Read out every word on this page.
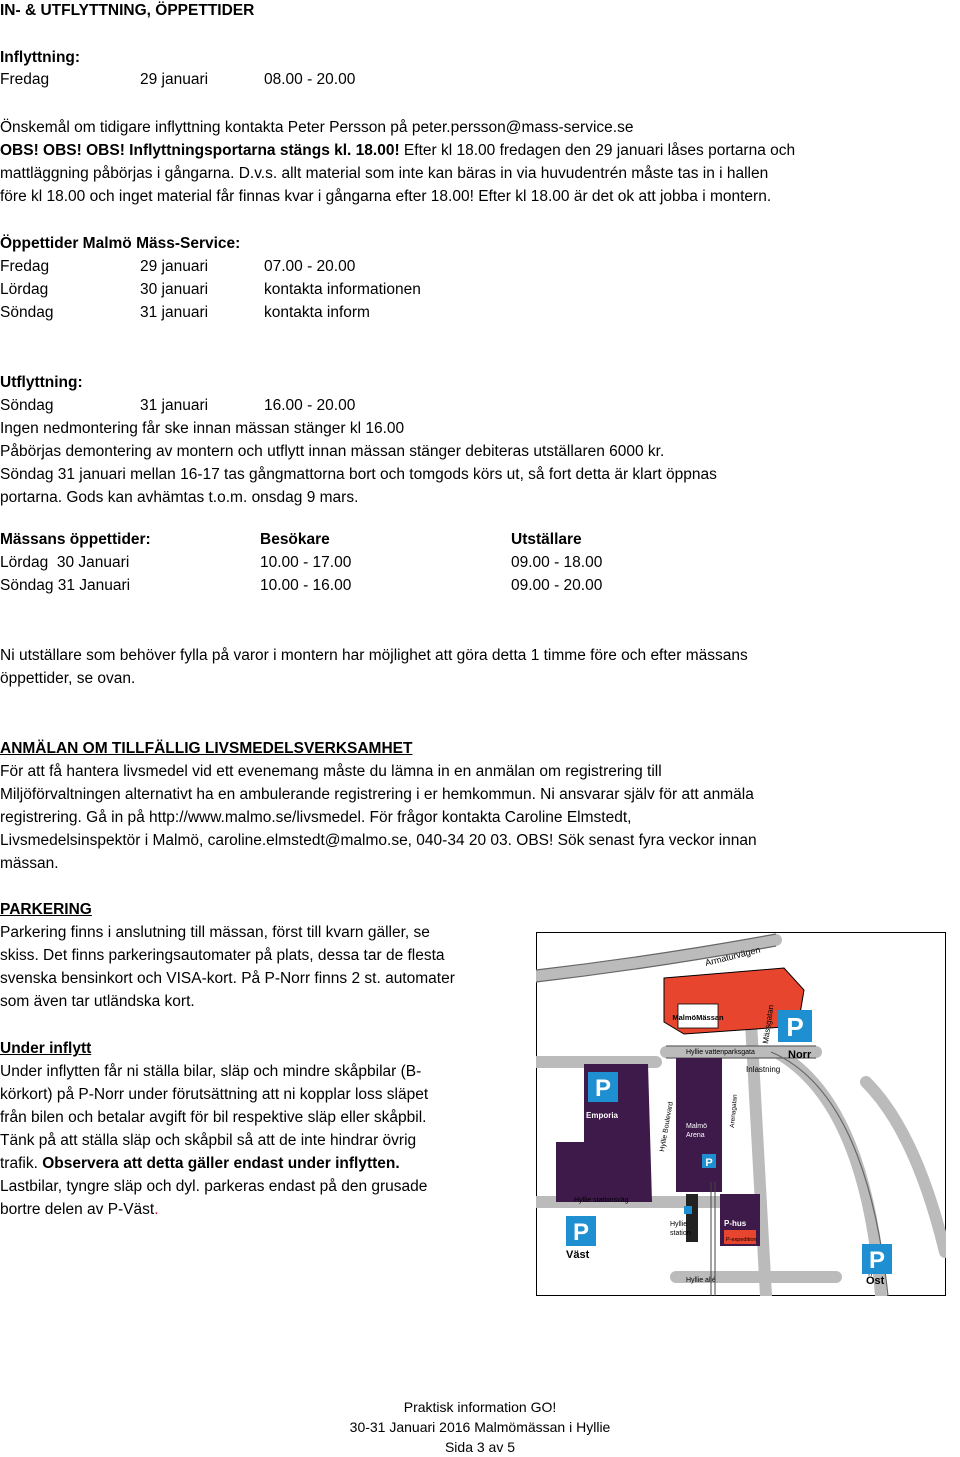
IN- & UTFLYTTNING, ÖPPETTIDER
Inflyttning:
Fredag	29 januari	08.00 - 20.00
Önskemål om tidigare inflyttning kontakta Peter Persson på peter.persson@mass-service.se
OBS! OBS! OBS! Inflyttningsportarna stängs kl. 18.00! Efter kl 18.00 fredagen den 29 januari låses portarna och
mattläggning påbörjas i gångarna. D.v.s. allt material som inte kan bäras in via huvudentrén måste tas in i hallen
före kl 18.00 och inget material får finnas kvar i gångarna efter 18.00! Efter kl 18.00 är det ok att jobba i montern.
Öppettider Malmö Mäss-Service:
Fredag	29 januari	07.00 - 20.00
Lördag	30 januari	kontakta informationen
Söndag	31 januari	kontakta inform
Utflyttning:
Söndag	31 januari	16.00 - 20.00
Ingen nedmontering får ske innan mässan stänger kl 16.00
Påbörjas demontering av montern och utflytt innan mässan stänger debiteras utställaren 6000 kr.
Söndag 31 januari mellan 16-17 tas gångmattorna bort och tomgods körs ut, så fort detta är klart öppnas
portarna. Gods kan avhämtas t.o.m. onsdag 9 mars.
Mässans öppettider:	Besökare	Utställare
Lördag  30 Januari	10.00 - 17.00	09.00 - 18.00
Söndag 31 Januari	10.00 - 16.00	09.00 - 20.00
Ni utställare som behöver fylla på varor i montern har möjlighet att göra detta 1 timme före och efter mässans
öppettider, se ovan.
ANMÄLAN OM TILLFÄLLIG LIVSMEDELSVERKSAMHET
För att få hantera livsmedel vid ett evenemang måste du lämna in en anmälan om registrering till
Miljöförvaltningen alternativt ha en ambulerande registrering i er hemkommun. Ni ansvarar själv för att anmäla
registrering. Gå in på http://www.malmo.se/livsmedel. För frågor kontakta Caroline Elmstedt,
Livsmedelsinspektör i Malmö, caroline.elmstedt@malmo.se, 040-34 20 03. OBS! Sök senast fyra veckor innan
mässan.
PARKERING
Parkering finns i anslutning till mässan, först till kvarn gäller, se
skiss. Det finns parkeringsautomater på plats, dessa tar de flesta
svenska bensinkort och VISA-kort. På P-Norr finns 2 st. automater
som även tar utländska kort.
Under inflytt
Under inflytten får ni ställa bilar, släp och mindre skåpbilar (B-
körkort) på P-Norr under förutsättning att ni kopplar loss släpet
från bilen och betalar avgift för bil respektive släp eller skåpbil.
Tänk på att ställa släp och skåpbil så att de inte hindrar övrig
trafik. Observera att detta gäller endast under inflytten.
Lastbilar, tyngre släp och dyl. parkeras endast på den grusade
bortre delen av P-Väst.
MalmöMässan
Armaturvägen
Mässgatan P
Norr
Hyllie vattenparksgata
Inlastning
P
Emporia	Hyllie Boulevard Malmö Arena
P
Arenagatan
Hyllie stationsväg
P-hus
P-expedition
Hyllie station
P
Väst	P
Öst
Hyllie allé
Praktisk information GO!
30-31 Januari 2016 Malmömässan i Hyllie
Sida 3 av 5
